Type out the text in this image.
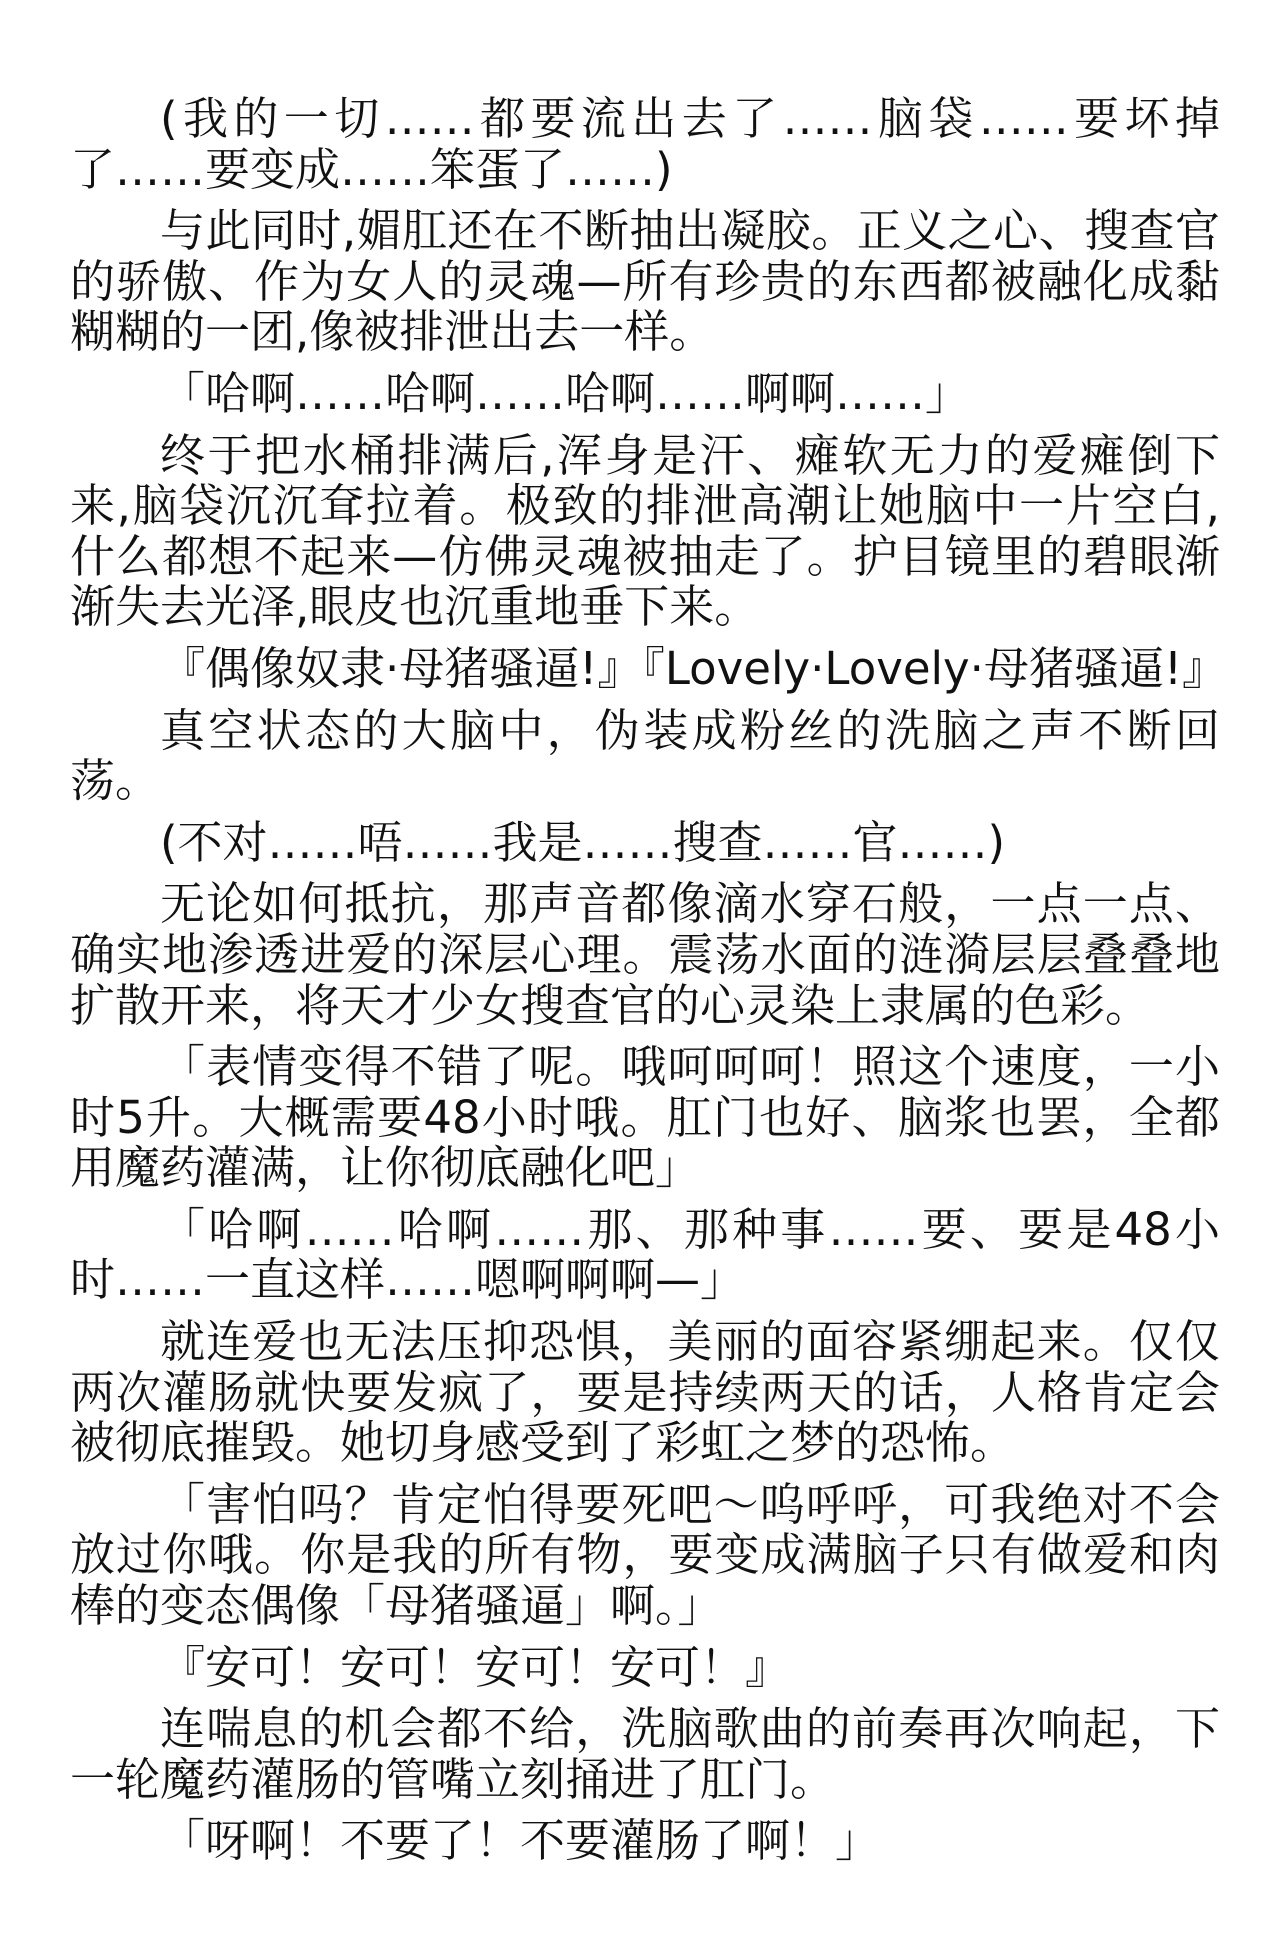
(我的一切……都要流出去了……脑袋……要坏掉了……要变成……笨蛋了……)

与此同时,媚肛还在不断抽出凝胶。正义之心、搜查官的骄傲、作为女人的灵魂—所有珍贵的东西都被融化成黏糊糊的一团,像被排泄出去一样。

「哈啊……哈啊……哈啊……啊啊……」

终于把水桶排满后,浑身是汗、瘫软无力的爱瘫倒下来,脑袋沉沉耷拉着。极致的排泄高潮让她脑中一片空白,什么都想不起来—仿佛灵魂被抽走了。护目镜里的碧眼渐渐失去光泽,眼皮也沉重地垂下来。

『偶像奴隶·母猪骚逼!』『Lovely·Lovely·母猪骚逼!』

真空状态的大脑中，伪装成粉丝的洗脑之声不断回荡。

(不对……唔……我是……搜查……官……)

无论如何抵抗，那声音都像滴水穿石般，一点一点、确实地渗透进爱的深层心理。震荡水面的涟漪层层叠叠地扩散开来，将天才少女搜查官的心灵染上隶属的色彩。

「表情变得不错了呢。哦呵呵呵！照这个速度，一小时5升。大概需要48小时哦。肛门也好、脑浆也罢，全都用魔药灌满，让你彻底融化吧」

「哈啊……哈啊……那、那种事……要、要是48小时……一直这样……嗯啊啊啊—」

就连爱也无法压抑恐惧，美丽的面容紧绷起来。仅仅两次灌肠就快要发疯了，要是持续两天的话，人格肯定会被彻底摧毁。她切身感受到了彩虹之梦的恐怖。

「害怕吗？肯定怕得要死吧～呜呼呼，可我绝对不会放过你哦。你是我的所有物，要变成满脑子只有做爱和肉棒的变态偶像「母猪骚逼」啊。」

『安可！安可！安可！安可！』

连喘息的机会都不给，洗脑歌曲的前奏再次响起，下一轮魔药灌肠的管嘴立刻捅进了肛门。

「呀啊！不要了！不要灌肠了啊！」
